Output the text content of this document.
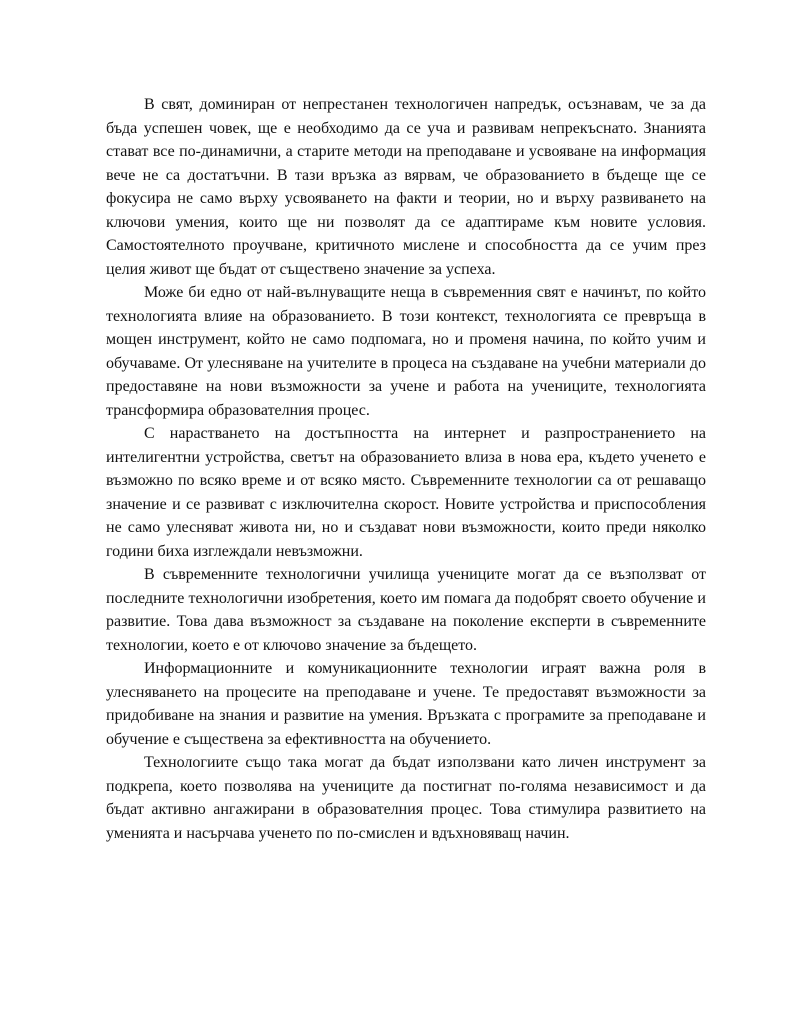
В свят, доминиран от непрестанен технологичен напредък, осъзнавам, че за да бъда успешен човек, ще е необходимо да се уча и развивам непрекъснато. Знанията стават все по-динамични, а старите методи на преподаване и усвояване на информация вече не са достатъчни. В тази връзка аз вярвам, че образованието в бъдеще ще се фокусира не само върху усвояването на факти и теории, но и върху развиването на ключови умения, които ще ни позволят да се адаптираме към новите условия. Самостоятелното проучване, критичното мислене и способността да се учим през целия живот ще бъдат от съществено значение за успеха.

Може би едно от най-вълнуващите неща в съвременния свят е начинът, по който технологията влияе на образованието. В този контекст, технологията се превръща в мощен инструмент, който не само подпомага, но и променя начина, по който учим и обучаваме. От улесняване на учителите в процеса на създаване на учебни материали до предоставяне на нови възможности за учене и работа на учениците, технологията трансформира образователния процес.

С нарастването на достъпността на интернет и разпространението на интелигентни устройства, светът на образованието влиза в нова ера, където ученето е възможно по всяко време и от всяко място. Съвременните технологии са от решаващо значение и се развиват с изключителна скорост. Новите устройства и приспособления не само улесняват живота ни, но и създават нови възможности, които преди няколко години биха изглеждали невъзможни.

В съвременните технологични училища учениците могат да се възползват от последните технологични изобретения, което им помага да подобрят своето обучение и развитие. Това дава възможност за създаване на поколение експерти в съвременните технологии, което е от ключово значение за бъдещето.

Информационните и комуникационните технологии играят важна роля в улесняването на процесите на преподаване и учене. Те предоставят възможности за придобиване на знания и развитие на умения. Връзката с програмите за преподаване и обучение е съществена за ефективността на обучението.

Технологиите също така могат да бъдат използвани като личен инструмент за подкрепа, което позволява на учениците да постигнат по-голяма независимост и да бъдат активно ангажирани в образователния процес. Това стимулира развитието на уменията и насърчава ученето по по-смислен и вдъхновяващ начин.
